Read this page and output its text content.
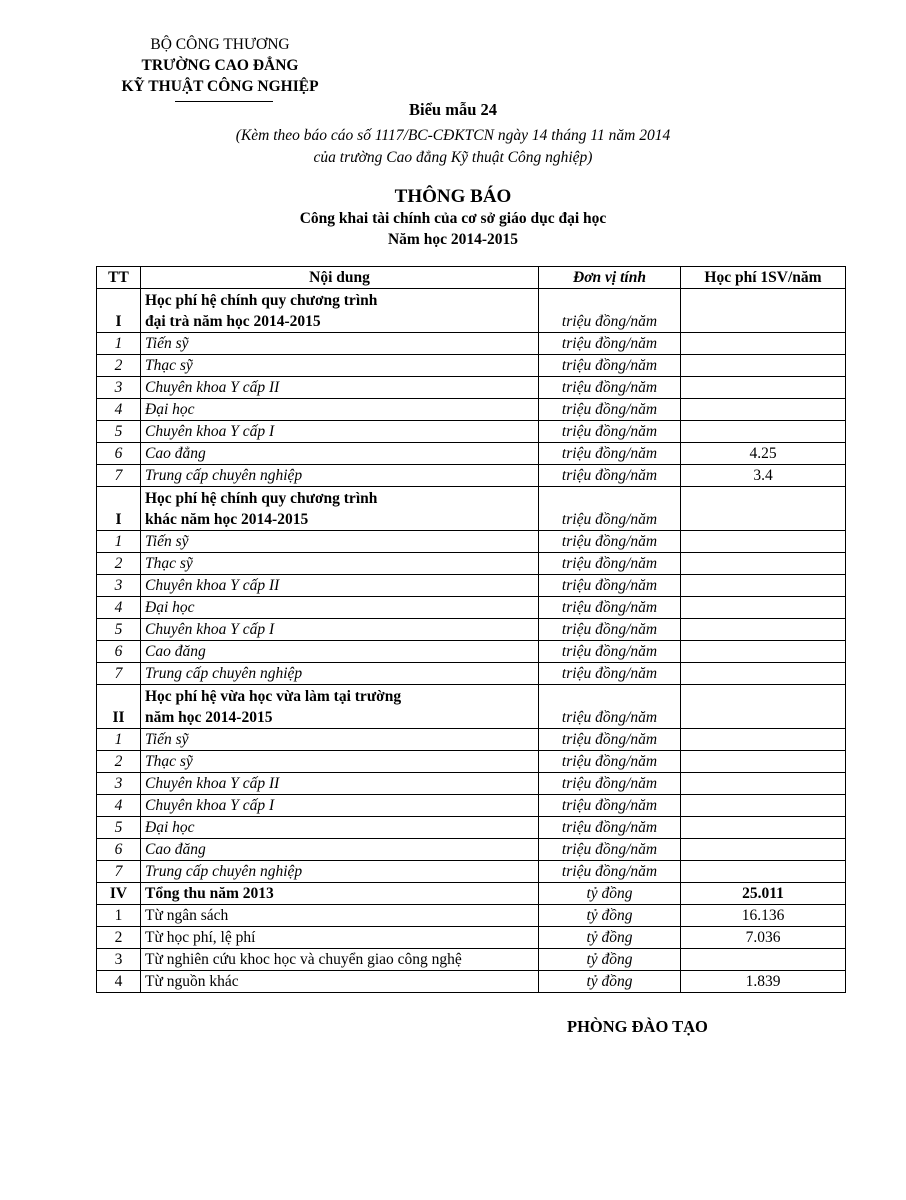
BỘ CÔNG THƯƠNG
TRƯỜNG CAO ĐẲNG
KỸ THUẬT CÔNG NGHIỆP
Biểu mẫu 24
(Kèm theo báo cáo số 1117/BC-CĐKTCN ngày 14 tháng 11 năm 2014
của trường Cao đẳng Kỹ thuật Công nghiệp)
THÔNG BÁO
Công khai tài chính của cơ sở giáo dục đại học
Năm học 2014-2015
TT	Nội dung	Đơn vị tính	Học phí 1SV/năm
I	Học phí hệ chính quy chương trình
đại trà năm học 2014-2015	triệu đồng/năm	
1	Tiến sỹ	triệu đồng/năm	
2	Thạc sỹ	triệu đồng/năm	
3	Chuyên khoa Y cấp II	triệu đồng/năm	
4	Đại học	triệu đồng/năm	
5	Chuyên khoa Y cấp I	triệu đồng/năm	
6	Cao đẳng	triệu đồng/năm	4.25
7	Trung cấp chuyên nghiệp	triệu đồng/năm	3.4
I	Học phí hệ chính quy chương trình
khác năm học 2014-2015	triệu đồng/năm	
1	Tiến sỹ	triệu đồng/năm	
2	Thạc sỹ	triệu đồng/năm	
3	Chuyên khoa Y cấp II	triệu đồng/năm	
4	Đại học	triệu đồng/năm	
5	Chuyên khoa Y cấp I	triệu đồng/năm	
6	Cao đăng	triệu đồng/năm	
7	Trung cấp chuyên nghiệp	triệu đồng/năm	
II	Học phí hệ vừa học vừa làm tại trường
năm học 2014-2015	triệu đồng/năm	
1	Tiến sỹ	triệu đồng/năm	
2	Thạc sỹ	triệu đồng/năm	
3	Chuyên khoa Y cấp II	triệu đồng/năm	
4	Chuyên khoa Y cấp I	triệu đồng/năm	
5	Đại học	triệu đồng/năm	
6	Cao đăng	triệu đồng/năm	
7	Trung cấp chuyên nghiệp	triệu đồng/năm	
IV	Tổng thu năm 2013	tỷ đồng	25.011
1	Từ ngân sách	tỷ đồng	16.136
2	Từ học phí, lệ phí	tỷ đồng	7.036
3	Từ nghiên cứu khoc học và chuyển giao công nghệ	tỷ đồng	
4	Từ nguồn khác	tỷ đồng	1.839
PHÒNG ĐÀO TẠO
